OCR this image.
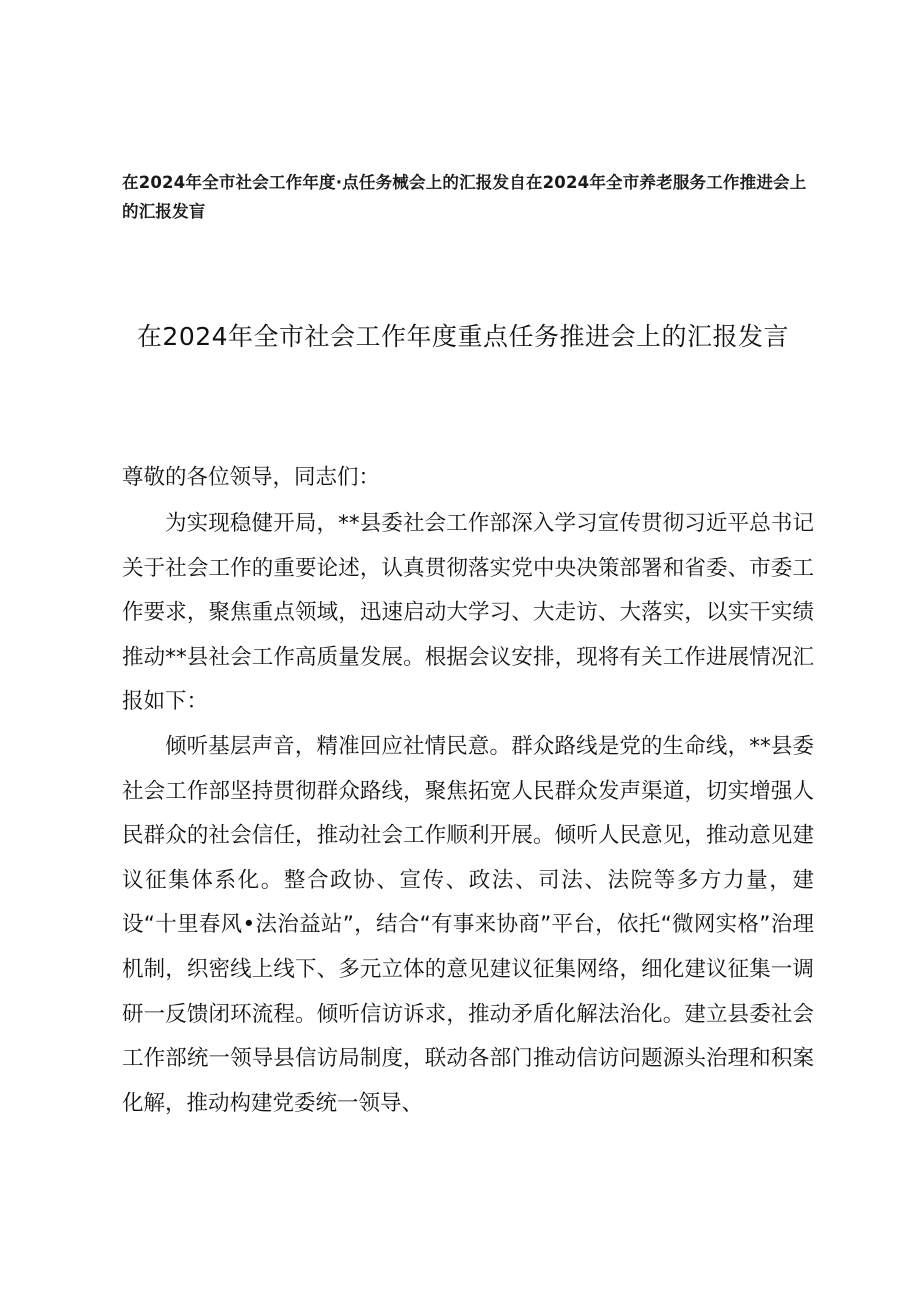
在2024年全市社会工作年度·点任务械会上的汇报发自在2024年全市养老服务工作推进会上的汇报发盲
在2024年全市社会工作年度重点任务推进会上的汇报发言
尊敬的各位领导，同志们：

为实现稳健开局，**县委社会工作部深入学习宣传贯彻习近平总书记关于社会工作的重要论述，认真贯彻落实党中央决策部署和省委、市委工作要求，聚焦重点领域，迅速启动大学习、大走访、大落实，以实干实绩推动**县社会工作高质量发展。根据会议安排，现将有关工作进展情况汇报如下：

倾听基层声音，精准回应社情民意。群众路线是党的生命线，**县委社会工作部坚持贯彻群众路线，聚焦拓宽人民群众发声渠道，切实增强人民群众的社会信任，推动社会工作顺利开展。倾听人民意见，推动意见建议征集体系化。整合政协、宣传、政法、司法、法院等多方力量，建设“十里春风•法治益站”，结合“有事来协商”平台，依托“微网实格”治理机制，织密线上线下、多元立体的意见建议征集网络，细化建议征集一调研一反馈闭环流程。倾听信访诉求，推动矛盾化解法治化。建立县委社会工作部统一领导县信访局制度，联动各部门推动信访问题源头治理和积案化解，推动构建党委统一领导、
